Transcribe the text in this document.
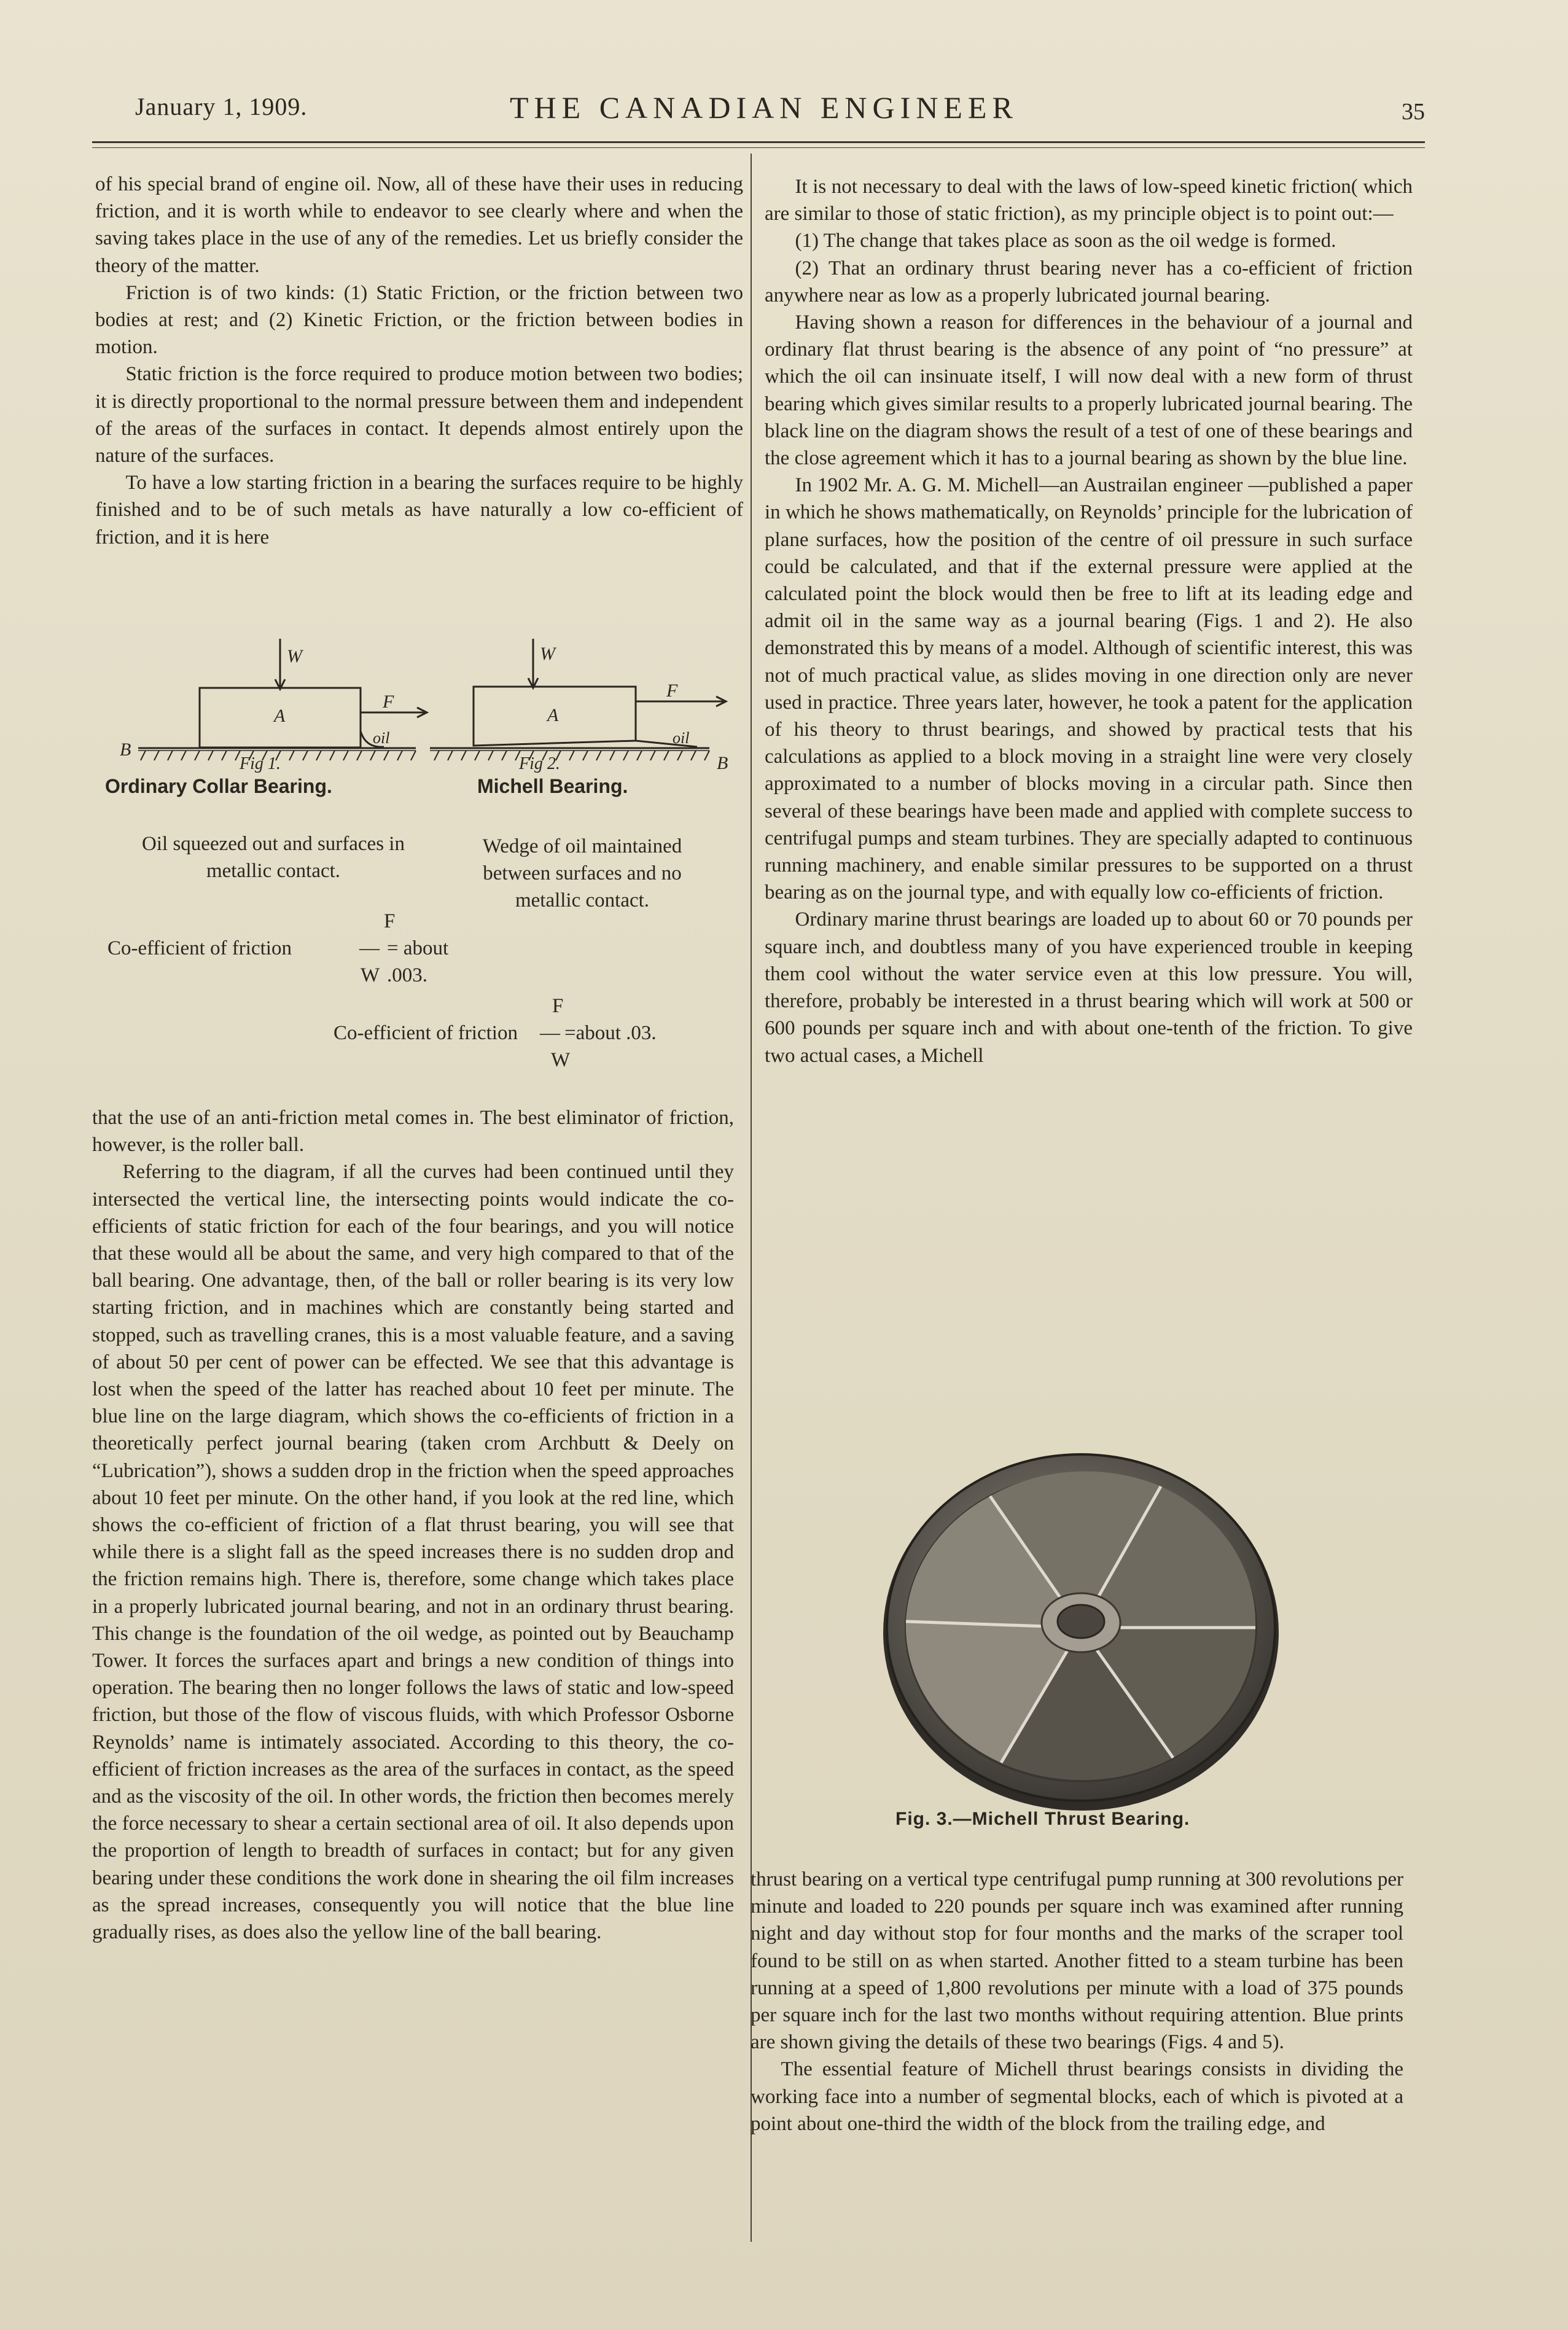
January 1, 1909.	THE CANADIAN ENGINEER	35

of his special brand of engine oil. Now, all of these have their uses in reducing friction, and it is worth while to endeavor to see clearly where and when the saving takes place in the use of any of the remedies. Let us briefly consider the theory of the matter.

Friction is of two kinds: (1) Static Friction, or the friction between two bodies at rest; and (2) Kinetic Friction, or the friction between bodies in motion.

Static friction is the force required to produce motion between two bodies; it is directly proportional to the normal pressure between them and independent of the areas of the surfaces in contact. It depends almost entirely upon the nature of the surfaces.

To have a low starting friction in a bearing the surfaces require to be highly finished and to be of such metals as have naturally a low co-efficient of friction, and it is here

W
A
F
oil
B
Fig 1.
W
A
F
oil
B
Fig 2.
Ordinary Collar Bearing.	Michell Bearing.
Oil squeezed out and surfaces in metallic contact.
Wedge of oil maintained between surfaces and no metallic contact.
F
Co-efficient of friction	— = about .003.
W
F
Co-efficient of friction — =about .03.
W

that the use of an anti-friction metal comes in. The best eliminator of friction, however, is the roller ball.

Referring to the diagram, if all the curves had been continued until they intersected the vertical line, the intersecting points would indicate the co-efficients of static friction for each of the four bearings, and you will notice that these would all be about the same, and very high compared to that of the ball bearing. One advantage, then, of the ball or roller bearing is its very low starting friction, and in machines which are constantly being started and stopped, such as travelling cranes, this is a most valuable feature, and a saving of about 50 per cent of power can be effected. We see that this advantage is lost when the speed of the latter has reached about 10 feet per minute. The blue line on the large diagram, which shows the co-efficients of friction in a theoretically perfect journal bearing (taken crom Archbutt & Deely on “Lubrication”), shows a sudden drop in the friction when the speed approaches about 10 feet per minute. On the other hand, if you look at the red line, which shows the co-efficient of friction of a flat thrust bearing, you will see that while there is a slight fall as the speed increases there is no sudden drop and the friction remains high. There is, therefore, some change which takes place in a properly lubricated journal bearing, and not in an ordinary thrust bearing. This change is the foundation of the oil wedge, as pointed out by Beauchamp Tower. It forces the surfaces apart and brings a new condition of things into operation. The bearing then no longer follows the laws of static and low-speed friction, but those of the flow of viscous fluids, with which Professor Osborne Reynolds’ name is intimately associated. According to this theory, the co-efficient of friction increases as the area of the surfaces in contact, as the speed and as the viscosity of the oil. In other words, the friction then becomes merely the force necessary to shear a certain sectional area of oil. It also depends upon the proportion of length to breadth of surfaces in contact; but for any given bearing under these conditions the work done in shearing the oil film increases as the spread increases, consequently you will notice that the blue line gradually rises, as does also the yellow line of the ball bearing.

It is not necessary to deal with the laws of low-speed kinetic friction( which are similar to those of static friction), as my principle object is to point out:—

(1) The change that takes place as soon as the oil wedge is formed.

(2) That an ordinary thrust bearing never has a co-efficient of friction anywhere near as low as a properly lubricated journal bearing.

Having shown a reason for differences in the behaviour of a journal and ordinary flat thrust bearing is the absence of any point of “no pressure” at which the oil can insinuate itself, I will now deal with a new form of thrust bearing which gives similar results to a properly lubricated journal bearing. The black line on the diagram shows the result of a test of one of these bearings and the close agreement which it has to a journal bearing as shown by the blue line.

In 1902 Mr. A. G. M. Michell—an Austrailan engineer —published a paper in which he shows mathematically, on Reynolds’ principle for the lubrication of plane surfaces, how the position of the centre of oil pressure in such surface could be calculated, and that if the external pressure were applied at the calculated point the block would then be free to lift at its leading edge and admit oil in the same way as a journal bearing (Figs. 1 and 2). He also demonstrated this by means of a model. Although of scientific interest, this was not of much practical value, as slides moving in one direction only are never used in practice. Three years later, however, he took a patent for the application of his theory to thrust bearings, and showed by practical tests that his calculations as applied to a block moving in a straight line were very closely approximated to a number of blocks moving in a circular path. Since then several of these bearings have been made and applied with complete success to centrifugal pumps and steam turbines. They are specially adapted to continuous running machinery, and enable similar pressures to be supported on a thrust bearing as on the journal type, and with equally low co-efficients of friction.

Ordinary marine thrust bearings are loaded up to about 60 or 70 pounds per square inch, and doubtless many of you have experienced trouble in keeping them cool without the water service even at this low pressure. You will, therefore, probably be interested in a thrust bearing which will work at 500 or 600 pounds per square inch and with about one-tenth of the friction. To give two actual cases, a Michell

Fig. 3.—Michell Thrust Bearing.

thrust bearing on a vertical type centrifugal pump running at 300 revolutions per minute and loaded to 220 pounds per square inch was examined after running night and day without stop for four months and the marks of the scraper tool found to be still on as when started. Another fitted to a steam turbine has been running at a speed of 1,800 revolutions per minute with a load of 375 pounds per square inch for the last two months without requiring attention. Blue prints are shown giving the details of these two bearings (Figs. 4 and 5).

The essential feature of Michell thrust bearings consists in dividing the working face into a number of segmental blocks, each of which is pivoted at a point about one-third the width of the block from the trailing edge, and
